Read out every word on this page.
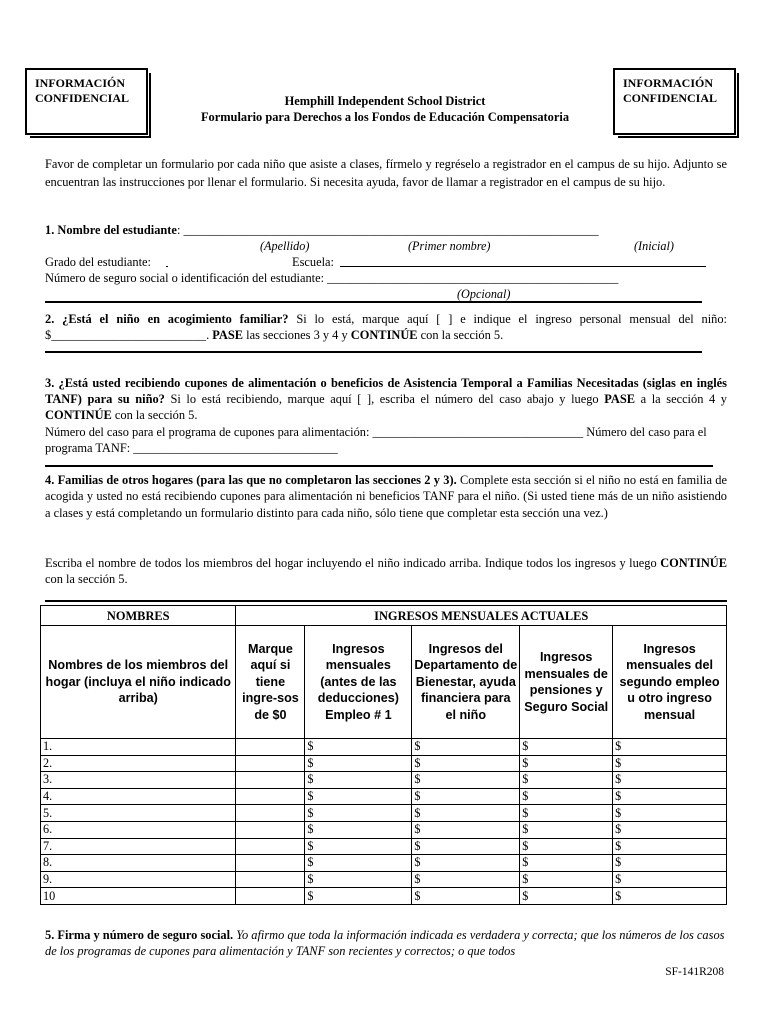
INFORMACIÓN
CONFIDENCIAL
INFORMACIÓN
CONFIDENCIAL
Hemphill Independent School District
Formulario para Derechos a los Fondos de Educación Compensatoria
Favor de completar un formulario por cada niño que asiste a clases, fírmelo y regréselo a registrador en el campus de su hijo. Adjunto se encuentran las instrucciones por llenar el formulario. Si necesita ayuda, favor de llamar a registrador en el campus de su hijo.
1. Nombre del estudiante: ___________________________________________________________________
(Apellido)	(Primer nombre)	(Inicial)
Grado del estudiante:	Escuela:
Número de seguro social o identificación del estudiante: _______________________________________________
(Opcional)
2. ¿Está el niño en acogimiento familiar? Si lo está, marque aquí [ ] e indique el ingreso personal mensual del niño: $_________________________. PASE las secciones 3 y 4 y CONTINÚE con la sección 5.
3. ¿Está usted recibiendo cupones de alimentación o beneficios de Asistencia Temporal a Familias Necesitadas (siglas en inglés TANF) para su niño? Si lo está recibiendo, marque aquí [ ], escriba el número del caso abajo y luego PASE a la sección 4 y CONTINÚE con la sección 5.
Número del caso para el programa de cupones para alimentación: __________________________________ Número del caso para el programa TANF: _________________________________
4. Familias de otros hogares (para las que no completaron las secciones 2 y 3). Complete esta sección si el niño no está en familia de acogida y usted no está recibiendo cupones para alimentación ni beneficios TANF para el niño. (Si usted tiene más de un niño asistiendo a clases y está completando un formulario distinto para cada niño, sólo tiene que completar esta sección una vez.)
Escriba el nombre de todos los miembros del hogar incluyendo el niño indicado arriba. Indique todos los ingresos y luego CONTINÚE con la sección 5.
NOMBRES	INGRESOS MENSUALES ACTUALES				
Nombres de los miembros del hogar (incluya el niño indicado arriba)	Marque aquí si tiene ingre-sos de $0	Ingresos mensuales (antes de las deducciones) Empleo # 1	Ingresos del Departamento de Bienestar, ayuda financiera para el niño	Ingresos mensuales de pensiones y Seguro Social	Ingresos mensuales del segundo empleo u otro ingreso mensual
1.		$	$	$	$
2.		$	$	$	$
3.		$	$	$	$
4.		$	$	$	$
5.		$	$	$	$
6.		$	$	$	$
7.		$	$	$	$
8.		$	$	$	$
9.		$	$	$	$
10		$	$	$	$
5. Firma y número de seguro social. Yo afirmo que toda la información indicada es verdadera y correcta; que los números de los casos de los programas de cupones para alimentación y TANF son recientes y correctos; o que todos
SF-141R208
